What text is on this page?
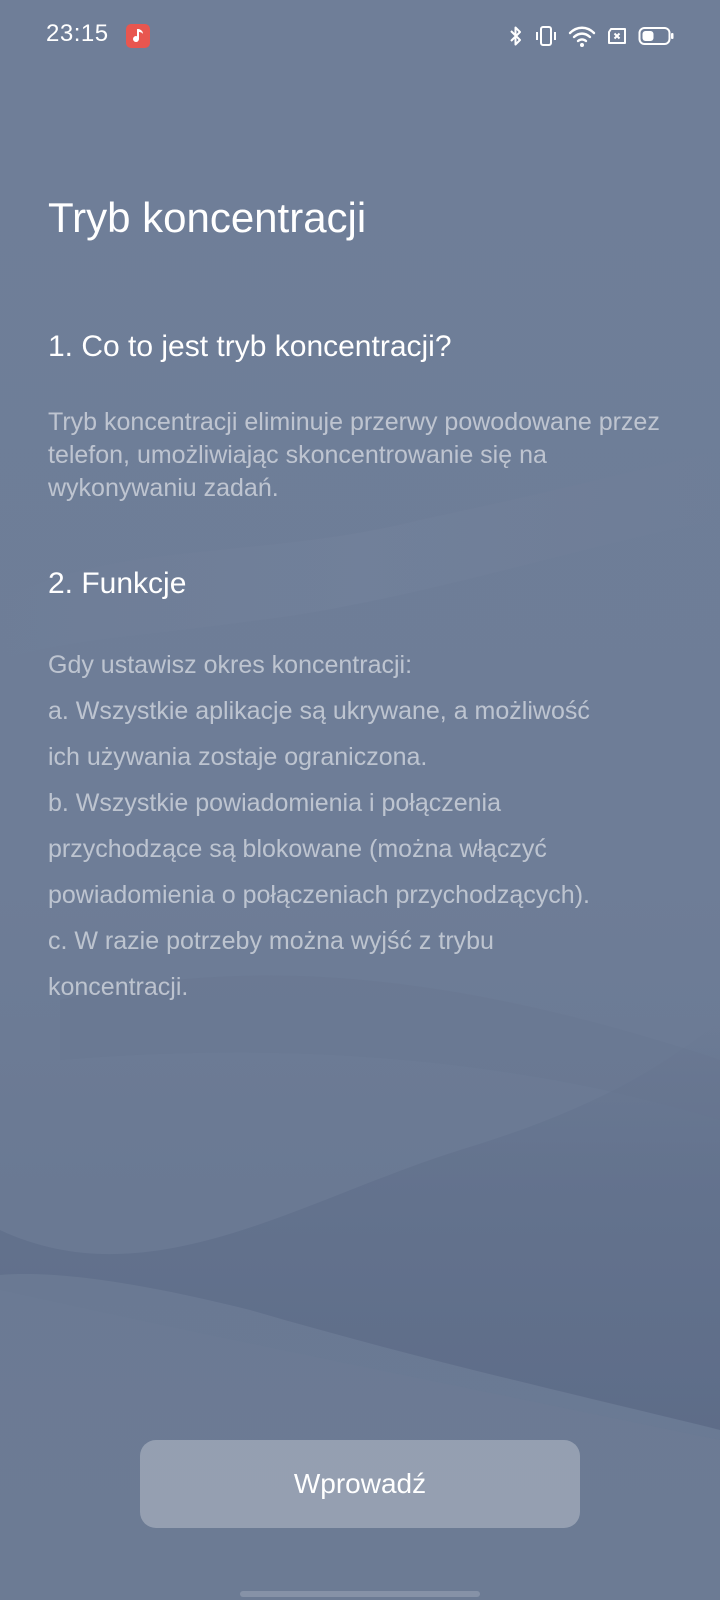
23:15
Tryb koncentracji
1. Co to jest tryb koncentracji?

Tryb koncentracji eliminuje przerwy powodowane przez telefon, umożliwiając skoncentrowanie się na wykonywaniu zadań.

2. Funkcje
Gdy ustawisz okres koncentracji:
a. Wszystkie aplikacje są ukrywane, a możliwość
ich używania zostaje ograniczona.
b. Wszystkie powiadomienia i połączenia
przychodzące są blokowane (można włączyć
powiadomienia o połączeniach przychodzących).
c. W razie potrzeby można wyjść z trybu
koncentracji.
Wprowadź
